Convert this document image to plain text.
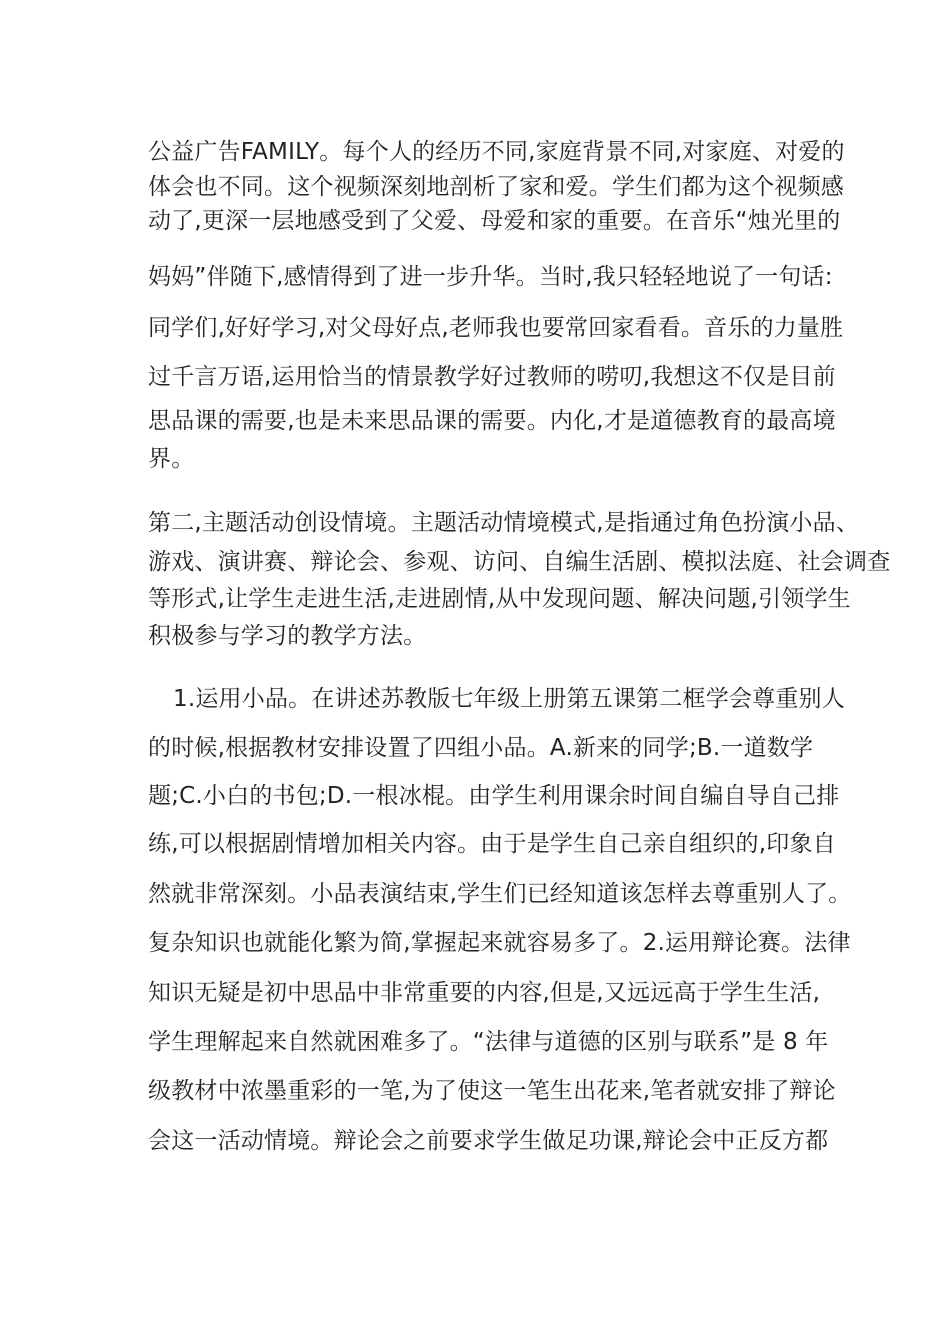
公益广告FAMILY。每个人的经历不同,家庭背景不同,对家庭、对爱的
体会也不同。这个视频深刻地剖析了家和爱。学生们都为这个视频感
动了,更深一层地感受到了父爱、母爱和家的重要。在音乐“烛光里的
妈妈”伴随下,感情得到了进一步升华。当时,我只轻轻地说了一句话:
同学们,好好学习,对父母好点,老师我也要常回家看看。音乐的力量胜
过千言万语,运用恰当的情景教学好过教师的唠叨,我想这不仅是目前
思品课的需要,也是未来思品课的需要。内化,才是道德教育的最高境
界。
第二,主题活动创设情境。主题活动情境模式,是指通过角色扮演小品、
游戏、演讲赛、辩论会、参观、访问、自编生活剧、模拟法庭、社会调查
等形式,让学生走进生活,走进剧情,从中发现问题、解决问题,引领学生
积极参与学习的教学方法。
1.运用小品。在讲述苏教版七年级上册第五课第二框学会尊重别人
的时候,根据教材安排设置了四组小品。A.新来的同学;B.一道数学
题;C.小白的书包;D.一根冰棍。由学生利用课余时间自编自导自己排
练,可以根据剧情增加相关内容。由于是学生自己亲自组织的,印象自
然就非常深刻。小品表演结束,学生们已经知道该怎样去尊重别人了。
复杂知识也就能化繁为简,掌握起来就容易多了。2.运用辩论赛。法律
知识无疑是初中思品中非常重要的内容,但是,又远远高于学生生活,
学生理解起来自然就困难多了。“法律与道德的区别与联系”是 8 年
级教材中浓墨重彩的一笔,为了使这一笔生出花来,笔者就安排了辩论
会这一活动情境。辩论会之前要求学生做足功课,辩论会中正反方都
